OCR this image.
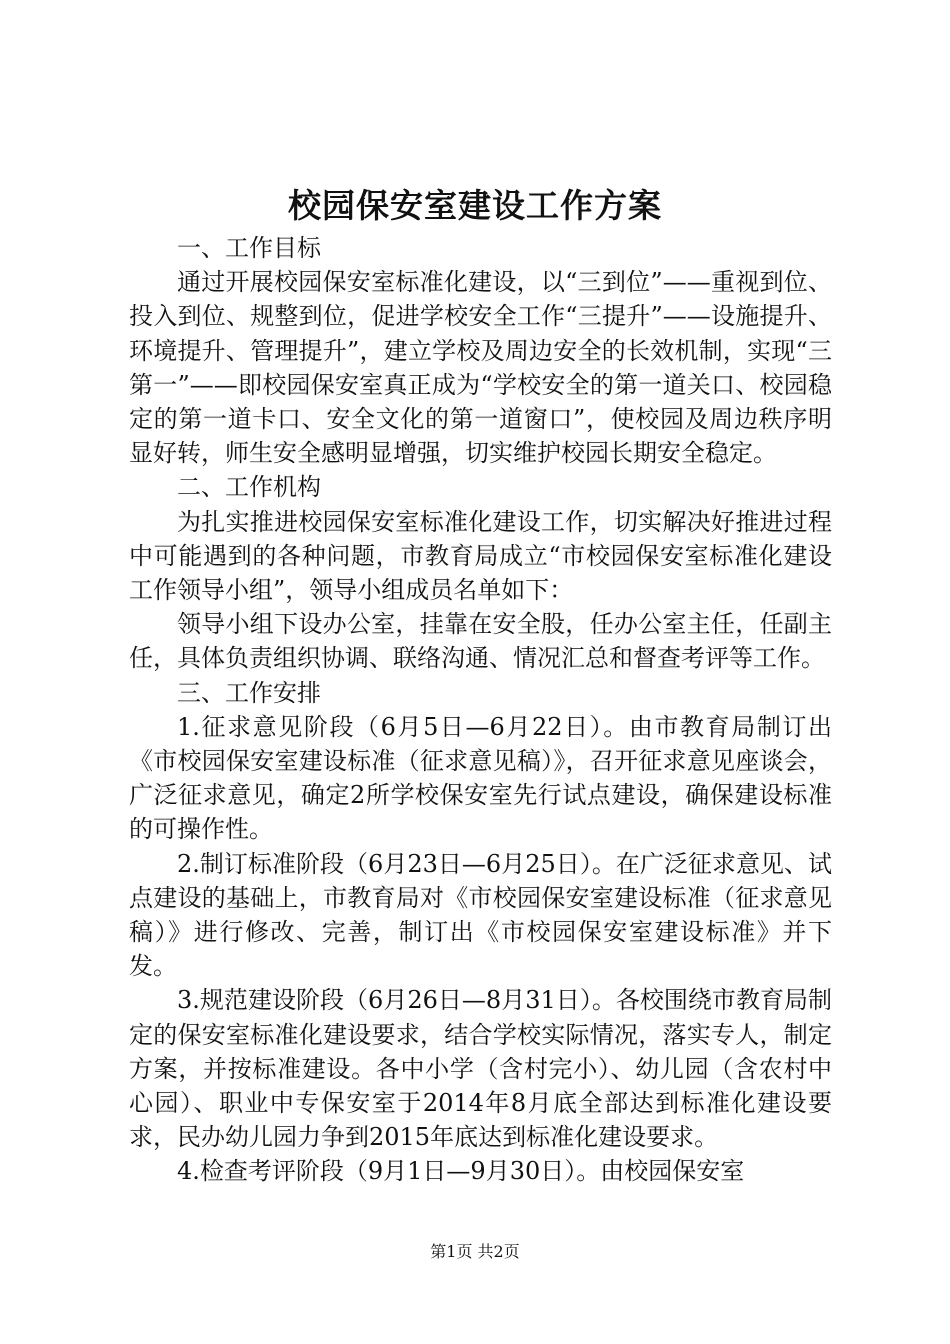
校园保安室建设工作方案

一、工作目标

通过开展校园保安室标准化建设，以“三到位”——重视到位、投入到位、规整到位，促进学校安全工作“三提升”——设施提升、环境提升、管理提升”，建立学校及周边安全的长效机制，实现“三第一”——即校园保安室真正成为“学校安全的第一道关口、校园稳定的第一道卡口、安全文化的第一道窗口”，使校园及周边秩序明显好转，师生安全感明显增强，切实维护校园长期安全稳定。

二、工作机构

为扎实推进校园保安室标准化建设工作，切实解决好推进过程中可能遇到的各种问题，市教育局成立“市校园保安室标准化建设工作领导小组”，领导小组成员名单如下：

领导小组下设办公室，挂靠在安全股，任办公室主任，任副主任，具体负责组织协调、联络沟通、情况汇总和督查考评等工作。

三、工作安排

1.征求意见阶段（6月5日—6月22日）。由市教育局制订出《市校园保安室建设标准（征求意见稿）》，召开征求意见座谈会，广泛征求意见，确定2所学校保安室先行试点建设，确保建设标准的可操作性。

2.制订标准阶段（6月23日—6月25日）。在广泛征求意见、试点建设的基础上，市教育局对《市校园保安室建设标准（征求意见稿）》进行修改、完善，制订出《市校园保安室建设标准》并下发。

3.规范建设阶段（6月26日—8月31日）。各校围绕市教育局制定的保安室标准化建设要求，结合学校实际情况，落实专人，制定方案，并按标准建设。各中小学（含村完小）、幼儿园（含农村中心园）、职业中专保安室于2014年8月底全部达到标准化建设要求，民办幼儿园力争到2015年底达到标准化建设要求。

4.检查考评阶段（9月1日—9月30日）。由校园保安室

第1页 共2页
